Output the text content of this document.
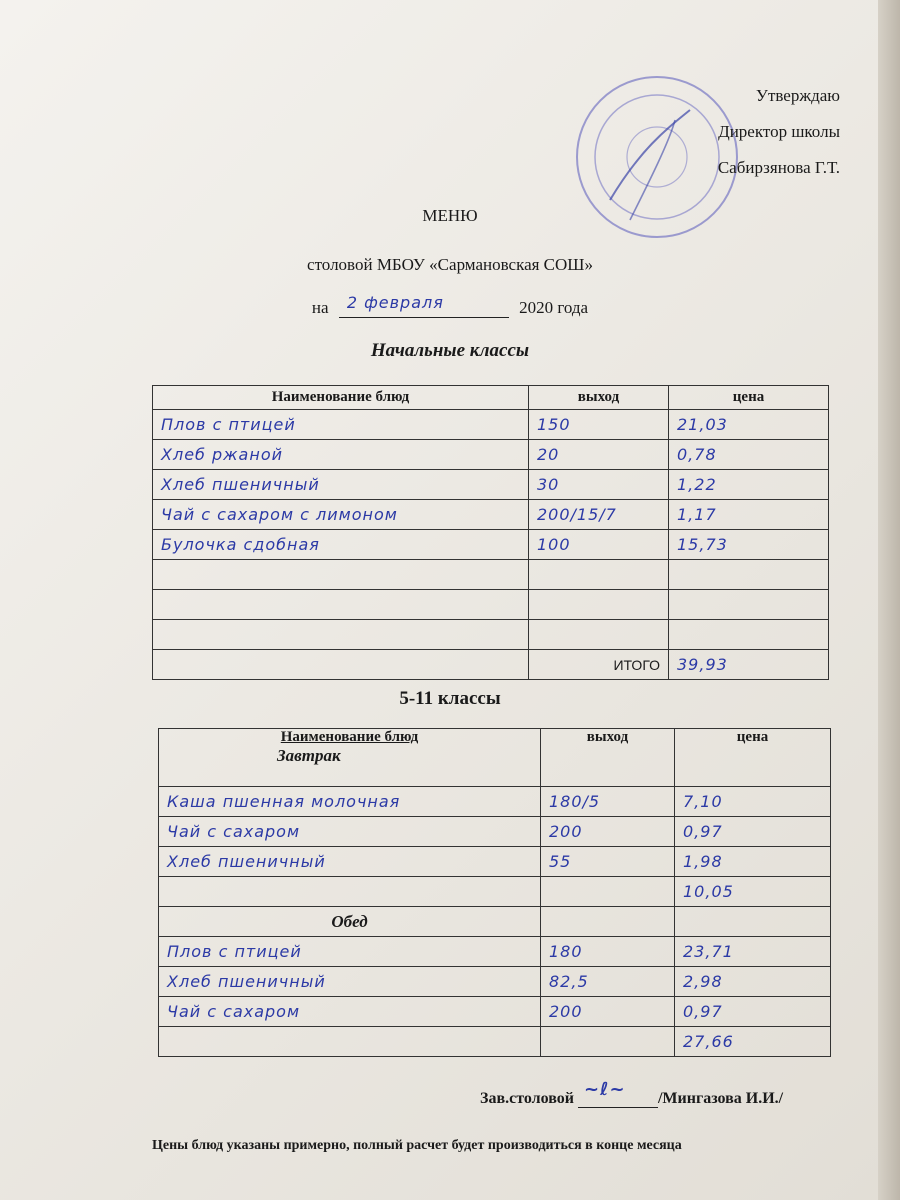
Утверждаю
Директор школы
Сабирзянова Г.Т.
МЕНЮ
столовой МБОУ «Сармановская СОШ»
на 2 февраля	2020 года
Начальные классы
Наименование блюд	выход	цена
Плов с птицей	150	21,03
Хлеб ржаной	20	0,78
Хлеб пшеничный	30	1,22
Чай с сахаром с лимоном	200/15/7	1,17
Булочка сдобная	100	15,73

	ИТОГО	39,93
5-11 классы
Наименование блюд
Завтрак	выход	цена
Каша пшенная молочная	180/5	7,10
Чай с сахаром	200	0,97
Хлеб пшеничный	55	1,98
		10,05
Обед		
Плов с птицей	180	23,71
Хлеб пшеничный	82,5	2,98
Чай с сахаром	200	0,97
		27,66
Зав.столовой ~ℓ~ /Мингазова И.И./
Цены блюд указаны примерно, полный расчет будет производиться в конце месяца
